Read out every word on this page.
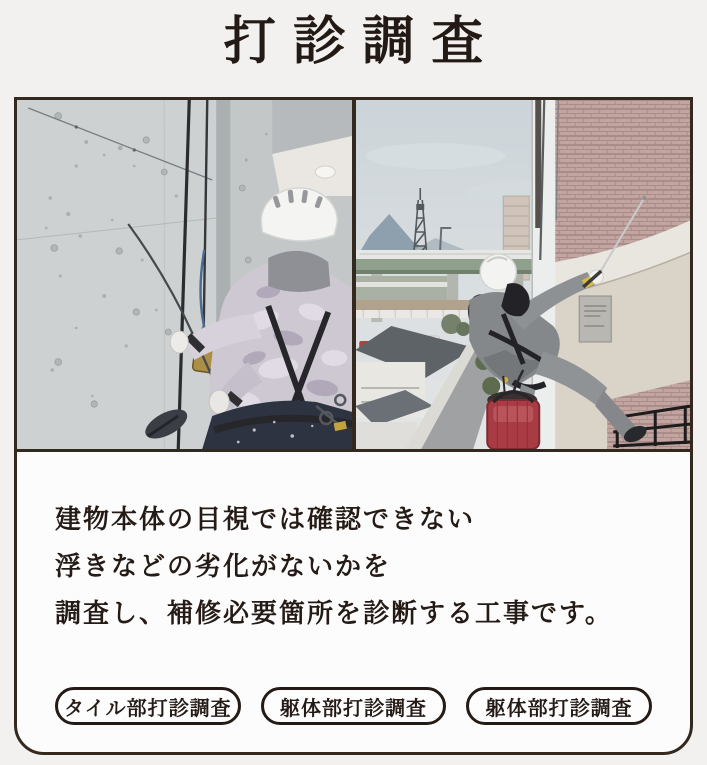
打診調査

建物本体の目視では確認できない

浮きなどの劣化がないかを

調査し、補修必要箇所を診断する工事です。

タイル部打診調査	躯体部打診調査	躯体部打診調査
